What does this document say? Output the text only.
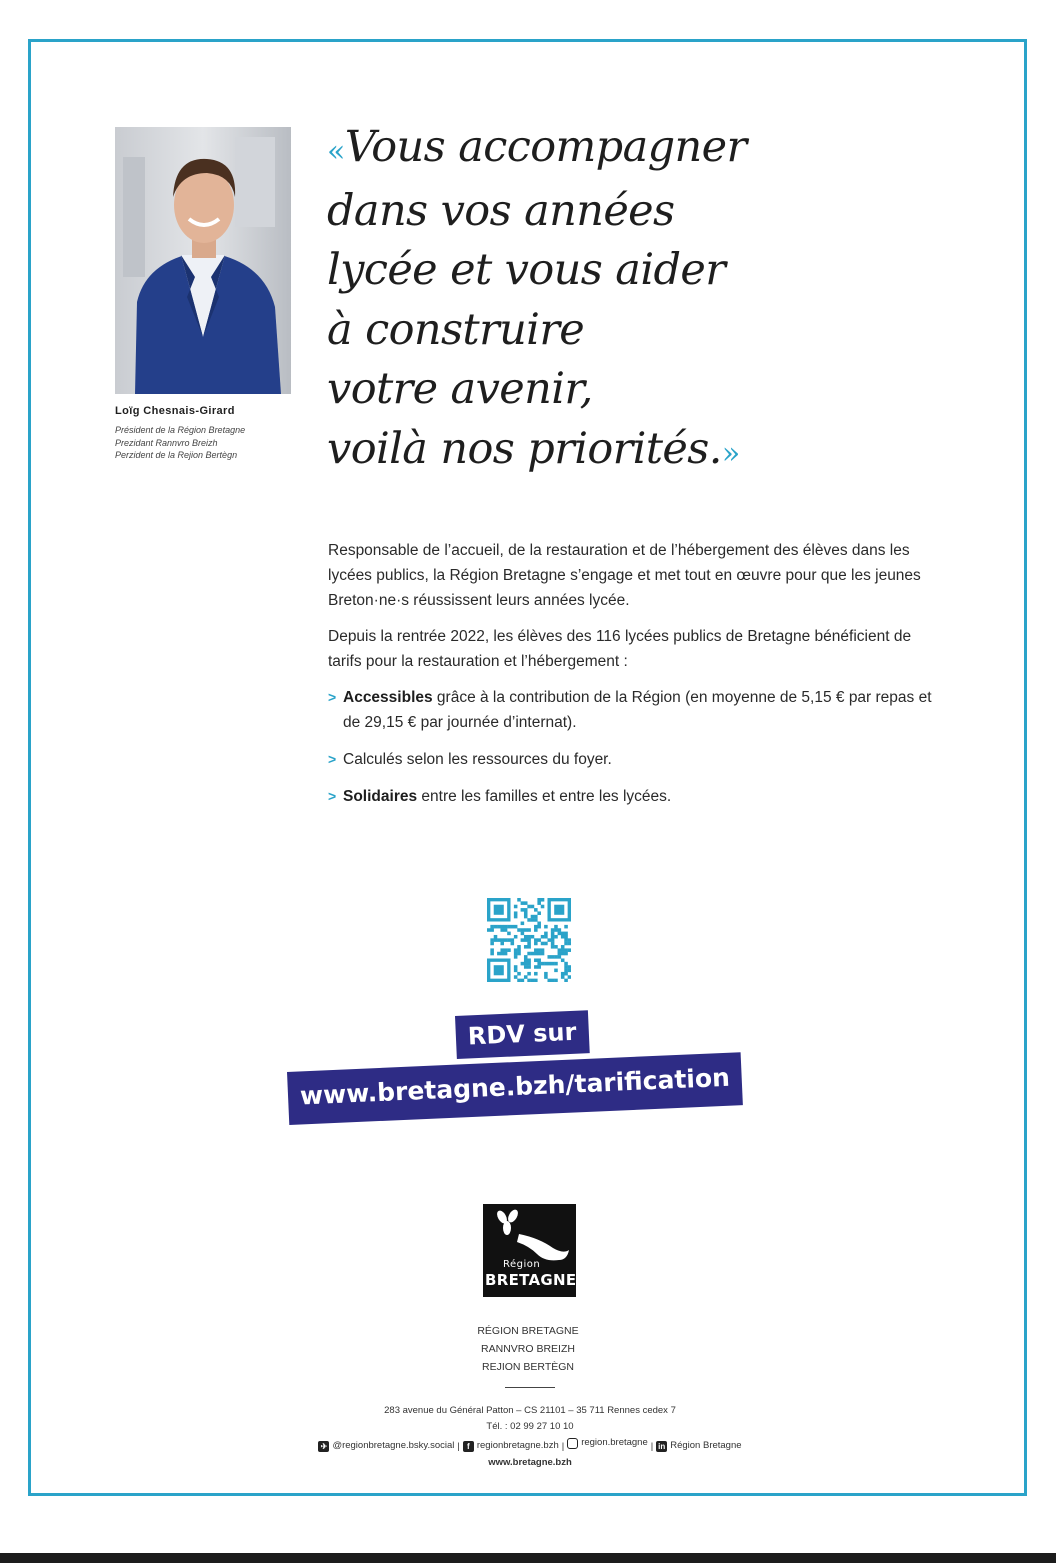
Loïg Chesnais-Girard
Président de la Région Bretagne
Prezidant Rannvro Breizh
Perzident de la Rejion Bertègn
«Vous accompagner
dans vos années
lycée et vous aider
à construire
votre avenir,
voilà nos priorités.»

Responsable de l’accueil, de la restauration et de l’hébergement des élèves dans les lycées publics, la Région Bretagne s’engage et met tout en œuvre pour que les jeunes Breton·ne·s réussissent leurs années lycée.

Depuis la rentrée 2022, les élèves des 116 lycées publics de Bretagne bénéficient de tarifs pour la restauration et l’hébergement :

> Accessibles grâce à la contribution de la Région (en moyenne de 5,15 € par repas et de 29,15 € par journée d’internat).
> Calculés selon les ressources du foyer.
> Solidaires entre les familles et entre les lycées.
RDV sur
www.bretagne.bzh/tarification
Région
BRETAGNE
RÉGION BRETAGNE
RANNVRO BREIZH
REJION BERTÈGN
283 avenue du Général Patton – CS 21101 – 35 711 Rennes cedex 7
Tél. : 02 99 27 10 10
✈ @regionbretagne.bsky.social | f regionbretagne.bzh | region.bretagne | in Région Bretagne
www.bretagne.bzh
